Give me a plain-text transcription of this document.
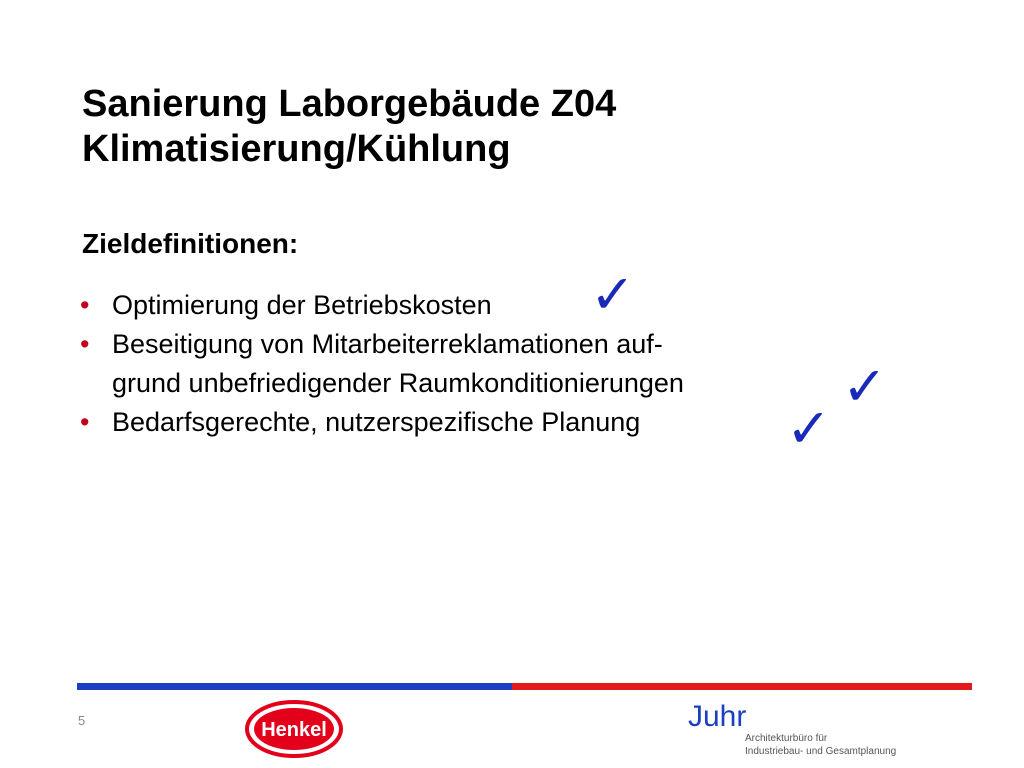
Sanierung Laborgebäude Z04
Klimatisierung/Kühlung
Zieldefinitionen:
• Optimierung der Betriebskosten
• Beseitigung von Mitarbeiterreklamationen auf-
grund unbefriedigender Raumkonditionierungen
• Bedarfsgerechte, nutzerspezifische Planung
✓
✓
✓
5	Henkel	Juhr
Architekturbüro für
Industriebau- und Gesamtplanung
